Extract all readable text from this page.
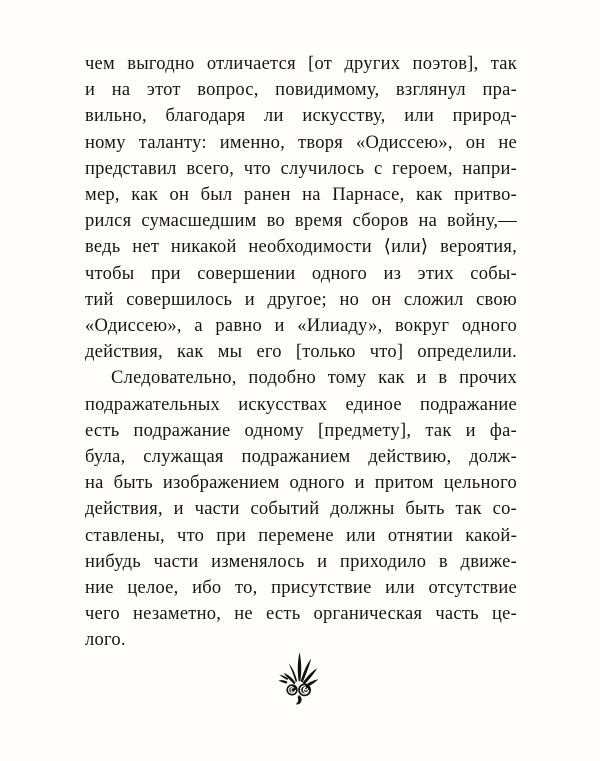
чем выгодно отличается [от других поэтов], так
и на этот вопрос, повидимому, взглянул пра-
вильно, благодаря ли искусству, или природ-
ному таланту: именно, творя «Одиссею», он не
представил всего, что случилось с героем, напри-
мер, как он был ранен на Парнасе, как притво-
рился сумасшедшим во время сборов на войну,—
ведь нет никакой необходимости ⟨или⟩ вероятия,
чтобы при совершении одного из этих собы-
тий совершилось и другое; но он сложил свою
«Одиссею», а равно и «Илиаду», вокруг одного
действия, как мы его [только что] определили.
Следовательно, подобно тому как и в прочих
подражательных искусствах единое подражание
есть подражание одному [предмету], так и фа-
була, служащая подражанием действию, долж-
на быть изображением одного и притом цельного
действия, и части событий должны быть так со-
ставлены, что при перемене или отнятии какой-
нибудь части изменялось и приходило в движе-
ние целое, ибо то, присутствие или отсутствие
чего незаметно, не есть органическая часть це-
лого.
